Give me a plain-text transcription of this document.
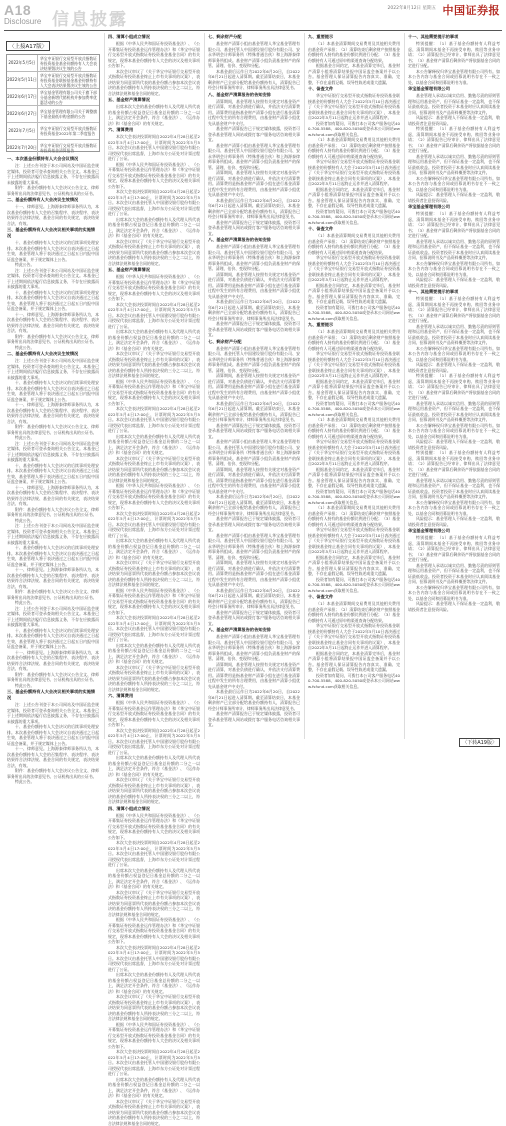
A18
Disclosure 信息披露
2022年8月12日 星期五 中国证券报
〈上接A17版〉
2022年5月5日
华宝中证银行交易型开放式指数证券投资基金基金份额持有人大会表决结果暨决议生效的公告
2022年5月11日
华宝中证银行交易型开放式指数证券投资基金联接基金基金份额持有人大会表决结果暨决议生效的公告
2022年6月17日
华宝基金管理有限公司关于旗下部分基金新增代销机构并参加费率优惠活动的公告
2022年6月27日 华宝基金管理有限公司关于调整旗下基金最低申购金额的公告
2022年7月5日	华宝中证银行交易型开放式指数证券投资基金2022年第二季度报告
2022年7月20日 华宝中证银行交易型开放式指数证券投资基金清算报告
一、本次基金份额持有人大会会议情况

注：上述公告刊登于本公司网站及中国证监会规定媒体，投资者可登录查询相关公告全文。本基金已于上述期间依法履行信息披露义务，不存在应披露而未披露的重大事项。

附件：基金份额持有人大会决议公告全文、律师事务所出具的法律意见书、公证机构出具的公证书。

二、基金份额持有人大会决议生效情况

十一、律师意见。上海源泰律师事务所认为，本次基金份额持有人大会的召集程序、表决程序、表决结果符合法律法规、基金合同的有关规定，表决结果合法、有效。

三、基金份额持有人大会决议相关事项的实施情况

十、基金份额持有人大会决议的后续事项处理安排。本次基金份额持有人大会决议自表决通过之日起生效，基金管理人将于表决通过之日起五日内报中国证监会备案，并于规定媒体上公告。

特此公告。

注：上述公告刊登于本公司网站及中国证监会规定媒体，投资者可登录查询相关公告全文。本基金已于上述期间依法履行信息披露义务，不存在应披露而未披露的重大事项。

十、基金份额持有人大会决议的后续事项处理安排。本次基金份额持有人大会决议自表决通过之日起生效，基金管理人将于表决通过之日起五日内报中国证监会备案，并于规定媒体上公告。

十一、律师意见。上海源泰律师事务所认为，本次基金份额持有人大会的召集程序、表决程序、表决结果符合法律法规、基金合同的有关规定，表决结果合法、有效。

附件：基金份额持有人大会决议公告全文、律师事务所出具的法律意见书、公证机构出具的公证书。

特此公告。

二、基金份额持有人大会决议生效情况

注：上述公告刊登于本公司网站及中国证监会规定媒体，投资者可登录查询相关公告全文。本基金已于上述期间依法履行信息披露义务，不存在应披露而未披露的重大事项。

十、基金份额持有人大会决议的后续事项处理安排。本次基金份额持有人大会决议自表决通过之日起生效，基金管理人将于表决通过之日起五日内报中国证监会备案，并于规定媒体上公告。

十一、律师意见。上海源泰律师事务所认为，本次基金份额持有人大会的召集程序、表决程序、表决结果符合法律法规、基金合同的有关规定，表决结果合法、有效。

附件：基金份额持有人大会决议公告全文、律师事务所出具的法律意见书、公证机构出具的公证书。

特此公告。

注：上述公告刊登于本公司网站及中国证监会规定媒体，投资者可登录查询相关公告全文。本基金已于上述期间依法履行信息披露义务，不存在应披露而未披露的重大事项。

十、基金份额持有人大会决议的后续事项处理安排。本次基金份额持有人大会决议自表决通过之日起生效，基金管理人将于表决通过之日起五日内报中国证监会备案，并于规定媒体上公告。

十一、律师意见。上海源泰律师事务所认为，本次基金份额持有人大会的召集程序、表决程序、表决结果符合法律法规、基金合同的有关规定，表决结果合法、有效。

附件：基金份额持有人大会决议公告全文、律师事务所出具的法律意见书、公证机构出具的公证书。

特此公告。

注：上述公告刊登于本公司网站及中国证监会规定媒体，投资者可登录查询相关公告全文。本基金已于上述期间依法履行信息披露义务，不存在应披露而未披露的重大事项。

十、基金份额持有人大会决议的后续事项处理安排。本次基金份额持有人大会决议自表决通过之日起生效，基金管理人将于表决通过之日起五日内报中国证监会备案，并于规定媒体上公告。

十一、律师意见。上海源泰律师事务所认为，本次基金份额持有人大会的召集程序、表决程序、表决结果符合法律法规、基金合同的有关规定，表决结果合法、有效。

附件：基金份额持有人大会决议公告全文、律师事务所出具的法律意见书、公证机构出具的公证书。

特此公告。

注：上述公告刊登于本公司网站及中国证监会规定媒体，投资者可登录查询相关公告全文。本基金已于上述期间依法履行信息披露义务，不存在应披露而未披露的重大事项。

十、基金份额持有人大会决议的后续事项处理安排。本次基金份额持有人大会决议自表决通过之日起生效，基金管理人将于表决通过之日起五日内报中国证监会备案，并于规定媒体上公告。

十一、律师意见。上海源泰律师事务所认为，本次基金份额持有人大会的召集程序、表决程序、表决结果符合法律法规、基金合同的有关规定，表决结果合法、有效。

附件：基金份额持有人大会决议公告全文、律师事务所出具的法律意见书、公证机构出具的公证书。

特此公告。

三、基金份额持有人大会决议相关事项的实施情况

注：上述公告刊登于本公司网站及中国证监会规定媒体，投资者可登录查询相关公告全文。本基金已于上述期间依法履行信息披露义务，不存在应披露而未披露的重大事项。

十、基金份额持有人大会决议的后续事项处理安排。本次基金份额持有人大会决议自表决通过之日起生效，基金管理人将于表决通过之日起五日内报中国证监会备案，并于规定媒体上公告。

十一、律师意见。上海源泰律师事务所认为，本次基金份额持有人大会的召集程序、表决程序、表决结果符合法律法规、基金合同的有关规定，表决结果合法、有效。

附件：基金份额持有人大会决议公告全文、律师事务所出具的法律意见书、公证机构出具的公证书。

特此公告。

四、清算小组成立情况

根据《中华人民共和国证券投资基金法》、《公开募集证券投资基金运作管理办法》和《华宝中证银行交易型开放式指数证券投资基金基金合同》的有关规定，现将本基金份额持有人大会的决议及相关事项公告如下。

本次会议审议了《关于华宝中证银行交易型开放式指数证券投资基金终止上市有关事项的议案》，表决结果为同意票所代表的基金份额占参加本次会议表决的基金份额持有人所持表决权的三分之二以上，符合法律法规和基金合同的规定。

五、基金财产清算情况

出席本次大会的基金份额持有人及代理人所代表的基金份额占权益登记日基金总份额的二分之一以上，满足法定开会条件，符合《基金法》、《运作办法》和《基金合同》的有关规定。

六、清算费用

本次大会表决投票时间自2022年4月28日起至2022年5月4日17:00止，计票时间为2022年5月5日。本次会议由基金托管人中国建设银行股份有限公司授权代表出席监督，上海市东方公证处对计票过程进行了公证。

根据《中华人民共和国证券投资基金法》、《公开募集证券投资基金运作管理办法》和《华宝中证银行交易型开放式指数证券投资基金基金合同》的有关规定，现将本基金份额持有人大会的决议及相关事项公告如下。

本次大会表决投票时间自2022年4月28日起至2022年5月4日17:00止，计票时间为2022年5月5日。本次会议由基金托管人中国建设银行股份有限公司授权代表出席监督，上海市东方公证处对计票过程进行了公证。

出席本次大会的基金份额持有人及代理人所代表的基金份额占权益登记日基金总份额的二分之一以上，满足法定开会条件，符合《基金法》、《运作办法》和《基金合同》的有关规定。

本次会议审议了《关于华宝中证银行交易型开放式指数证券投资基金终止上市有关事项的议案》，表决结果为同意票所代表的基金份额占参加本次会议表决的基金份额持有人所持表决权的三分之二以上，符合法律法规和基金合同的规定。

五、基金财产清算情况

根据《中华人民共和国证券投资基金法》、《公开募集证券投资基金运作管理办法》和《华宝中证银行交易型开放式指数证券投资基金基金合同》的有关规定，现将本基金份额持有人大会的决议及相关事项公告如下。

本次大会表决投票时间自2022年4月28日起至2022年5月4日17:00止，计票时间为2022年5月5日。本次会议由基金托管人中国建设银行股份有限公司授权代表出席监督，上海市东方公证处对计票过程进行了公证。

出席本次大会的基金份额持有人及代理人所代表的基金份额占权益登记日基金总份额的二分之一以上，满足法定开会条件，符合《基金法》、《运作办法》和《基金合同》的有关规定。

本次会议审议了《关于华宝中证银行交易型开放式指数证券投资基金终止上市有关事项的议案》，表决结果为同意票所代表的基金份额占参加本次会议表决的基金份额持有人所持表决权的三分之二以上，符合法律法规和基金合同的规定。

根据《中华人民共和国证券投资基金法》、《公开募集证券投资基金运作管理办法》和《华宝中证银行交易型开放式指数证券投资基金基金合同》的有关规定，现将本基金份额持有人大会的决议及相关事项公告如下。

本次大会表决投票时间自2022年4月28日起至2022年5月4日17:00止，计票时间为2022年5月5日。本次会议由基金托管人中国建设银行股份有限公司授权代表出席监督，上海市东方公证处对计票过程进行了公证。

出席本次大会的基金份额持有人及代理人所代表的基金份额占权益登记日基金总份额的二分之一以上，满足法定开会条件，符合《基金法》、《运作办法》和《基金合同》的有关规定。

本次会议审议了《关于华宝中证银行交易型开放式指数证券投资基金终止上市有关事项的议案》，表决结果为同意票所代表的基金份额占参加本次会议表决的基金份额持有人所持表决权的三分之二以上，符合法律法规和基金合同的规定。

根据《中华人民共和国证券投资基金法》、《公开募集证券投资基金运作管理办法》和《华宝中证银行交易型开放式指数证券投资基金基金合同》的有关规定，现将本基金份额持有人大会的决议及相关事项公告如下。

本次大会表决投票时间自2022年4月28日起至2022年5月4日17:00止，计票时间为2022年5月5日。本次会议由基金托管人中国建设银行股份有限公司授权代表出席监督，上海市东方公证处对计票过程进行了公证。

出席本次大会的基金份额持有人及代理人所代表的基金份额占权益登记日基金总份额的二分之一以上，满足法定开会条件，符合《基金法》、《运作办法》和《基金合同》的有关规定。

本次会议审议了《关于华宝中证银行交易型开放式指数证券投资基金终止上市有关事项的议案》，表决结果为同意票所代表的基金份额占参加本次会议表决的基金份额持有人所持表决权的三分之二以上，符合法律法规和基金合同的规定。

根据《中华人民共和国证券投资基金法》、《公开募集证券投资基金运作管理办法》和《华宝中证银行交易型开放式指数证券投资基金基金合同》的有关规定，现将本基金份额持有人大会的决议及相关事项公告如下。

本次大会表决投票时间自2022年4月28日起至2022年5月4日17:00止，计票时间为2022年5月5日。本次会议由基金托管人中国建设银行股份有限公司授权代表出席监督，上海市东方公证处对计票过程进行了公证。

出席本次大会的基金份额持有人及代理人所代表的基金份额占权益登记日基金总份额的二分之一以上，满足法定开会条件，符合《基金法》、《运作办法》和《基金合同》的有关规定。

本次会议审议了《关于华宝中证银行交易型开放式指数证券投资基金终止上市有关事项的议案》，表决结果为同意票所代表的基金份额占参加本次会议表决的基金份额持有人所持表决权的三分之二以上，符合法律法规和基金合同的规定。

六、清算费用

根据《中华人民共和国证券投资基金法》、《公开募集证券投资基金运作管理办法》和《华宝中证银行交易型开放式指数证券投资基金基金合同》的有关规定，现将本基金份额持有人大会的决议及相关事项公告如下。

本次大会表决投票时间自2022年4月28日起至2022年5月4日17:00止，计票时间为2022年5月5日。本次会议由基金托管人中国建设银行股份有限公司授权代表出席监督，上海市东方公证处对计票过程进行了公证。

出席本次大会的基金份额持有人及代理人所代表的基金份额占权益登记日基金总份额的二分之一以上，满足法定开会条件，符合《基金法》、《运作办法》和《基金合同》的有关规定。

本次会议审议了《关于华宝中证银行交易型开放式指数证券投资基金终止上市有关事项的议案》，表决结果为同意票所代表的基金份额占参加本次会议表决的基金份额持有人所持表决权的三分之二以上，符合法律法规和基金合同的规定。

四、清算小组成立情况

根据《中华人民共和国证券投资基金法》、《公开募集证券投资基金运作管理办法》和《华宝中证银行交易型开放式指数证券投资基金基金合同》的有关规定，现将本基金份额持有人大会的决议及相关事项公告如下。

本次大会表决投票时间自2022年4月28日起至2022年5月4日17:00止，计票时间为2022年5月5日。本次会议由基金托管人中国建设银行股份有限公司授权代表出席监督，上海市东方公证处对计票过程进行了公证。

出席本次大会的基金份额持有人及代理人所代表的基金份额占权益登记日基金总份额的二分之一以上，满足法定开会条件，符合《基金法》、《运作办法》和《基金合同》的有关规定。

本次会议审议了《关于华宝中证银行交易型开放式指数证券投资基金终止上市有关事项的议案》，表决结果为同意票所代表的基金份额占参加本次会议表决的基金份额持有人所持表决权的三分之二以上，符合法律法规和基金合同的规定。

根据《中华人民共和国证券投资基金法》、《公开募集证券投资基金运作管理办法》和《华宝中证银行交易型开放式指数证券投资基金基金合同》的有关规定，现将本基金份额持有人大会的决议及相关事项公告如下。

本次大会表决投票时间自2022年4月28日起至2022年5月4日17:00止，计票时间为2022年5月5日。本次会议由基金托管人中国建设银行股份有限公司授权代表出席监督，上海市东方公证处对计票过程进行了公证。

出席本次大会的基金份额持有人及代理人所代表的基金份额占权益登记日基金总份额的二分之一以上，满足法定开会条件，符合《基金法》、《运作办法》和《基金合同》的有关规定。

本次会议审议了《关于华宝中证银行交易型开放式指数证券投资基金终止上市有关事项的议案》，表决结果为同意票所代表的基金份额占参加本次会议表决的基金份额持有人所持表决权的三分之二以上，符合法律法规和基金合同的规定。

根据《中华人民共和国证券投资基金法》、《公开募集证券投资基金运作管理办法》和《华宝中证银行交易型开放式指数证券投资基金基金合同》的有关规定，现将本基金份额持有人大会的决议及相关事项公告如下。

本次大会表决投票时间自2022年4月28日起至2022年5月4日17:00止，计票时间为2022年5月5日。本次会议由基金托管人中国建设银行股份有限公司授权代表出席监督，上海市东方公证处对计票过程进行了公证。

出席本次大会的基金份额持有人及代理人所代表的基金份额占权益登记日基金总份额的二分之一以上，满足法定开会条件，符合《基金法》、《运作办法》和《基金合同》的有关规定。

本次会议审议了《关于华宝中证银行交易型开放式指数证券投资基金终止上市有关事项的议案》，表决结果为同意票所代表的基金份额占参加本次会议表决的基金份额持有人所持表决权的三分之二以上，符合法律法规和基金合同的规定。

七、剩余财产分配

基金财产清算小组由基金管理人华宝基金管理有限公司、基金托管人中国建设银行股份有限公司、安永华明会计师事务所（特殊普通合伙）和上海源泰律师事务所组成。基金财产清算小组负责基金财产的保管、清理、估价、变现和分配。

本基金最后运作日为2022年6月20日，自2022年6月21日起进入清算期。截至清算结束日，本基金剩余财产已全部分配给基金份额持有人，清算报告已经会计师事务所审计、律师事务所出具法律意见书。

八、基金财产清算报告的告知安排

清算期间，基金管理人按照有关规定对基金资产进行清算，对基金负债进行确认，并依法支付清算费用。清算费用是指基金财产清算小组在进行基金清算过程中发生的所有合理费用，由基金财产清算小组优先从基金财产中支付。

基金财产清算报告已于规定媒体披露，投资者可登录基金管理人网站或拨打客户服务电话咨询相关事宜。

基金财产清算小组由基金管理人华宝基金管理有限公司、基金托管人中国建设银行股份有限公司、安永华明会计师事务所（特殊普通合伙）和上海源泰律师事务所组成。基金财产清算小组负责基金财产的保管、清理、估价、变现和分配。

清算期间，基金管理人按照有关规定对基金资产进行清算，对基金负债进行确认，并依法支付清算费用。清算费用是指基金财产清算小组在进行基金清算过程中发生的所有合理费用，由基金财产清算小组优先从基金财产中支付。

本基金最后运作日为2022年6月20日，自2022年6月21日起进入清算期。截至清算结束日，本基金剩余财产已全部分配给基金份额持有人，清算报告已经会计师事务所审计、律师事务所出具法律意见书。

基金财产清算报告已于规定媒体披露，投资者可登录基金管理人网站或拨打客户服务电话咨询相关事宜。

八、基金财产清算报告的告知安排

基金财产清算小组由基金管理人华宝基金管理有限公司、基金托管人中国建设银行股份有限公司、安永华明会计师事务所（特殊普通合伙）和上海源泰律师事务所组成。基金财产清算小组负责基金财产的保管、清理、估价、变现和分配。

清算期间，基金管理人按照有关规定对基金资产进行清算，对基金负债进行确认，并依法支付清算费用。清算费用是指基金财产清算小组在进行基金清算过程中发生的所有合理费用，由基金财产清算小组优先从基金财产中支付。

本基金最后运作日为2022年6月20日，自2022年6月21日起进入清算期。截至清算结束日，本基金剩余财产已全部分配给基金份额持有人，清算报告已经会计师事务所审计、律师事务所出具法律意见书。

基金财产清算报告已于规定媒体披露，投资者可登录基金管理人网站或拨打客户服务电话咨询相关事宜。

七、剩余财产分配

基金财产清算小组由基金管理人华宝基金管理有限公司、基金托管人中国建设银行股份有限公司、安永华明会计师事务所（特殊普通合伙）和上海源泰律师事务所组成。基金财产清算小组负责基金财产的保管、清理、估价、变现和分配。

清算期间，基金管理人按照有关规定对基金资产进行清算，对基金负债进行确认，并依法支付清算费用。清算费用是指基金财产清算小组在进行基金清算过程中发生的所有合理费用，由基金财产清算小组优先从基金财产中支付。

本基金最后运作日为2022年6月20日，自2022年6月21日起进入清算期。截至清算结束日，本基金剩余财产已全部分配给基金份额持有人，清算报告已经会计师事务所审计、律师事务所出具法律意见书。

基金财产清算报告已于规定媒体披露，投资者可登录基金管理人网站或拨打客户服务电话咨询相关事宜。

基金财产清算小组由基金管理人华宝基金管理有限公司、基金托管人中国建设银行股份有限公司、安永华明会计师事务所（特殊普通合伙）和上海源泰律师事务所组成。基金财产清算小组负责基金财产的保管、清理、估价、变现和分配。

清算期间，基金管理人按照有关规定对基金资产进行清算，对基金负债进行确认，并依法支付清算费用。清算费用是指基金财产清算小组在进行基金清算过程中发生的所有合理费用，由基金财产清算小组优先从基金财产中支付。

本基金最后运作日为2022年6月20日，自2022年6月21日起进入清算期。截至清算结束日，本基金剩余财产已全部分配给基金份额持有人，清算报告已经会计师事务所审计、律师事务所出具法律意见书。

基金财产清算报告已于规定媒体披露，投资者可登录基金管理人网站或拨打客户服务电话咨询相关事宜。

基金财产清算小组由基金管理人华宝基金管理有限公司、基金托管人中国建设银行股份有限公司、安永华明会计师事务所（特殊普通合伙）和上海源泰律师事务所组成。基金财产清算小组负责基金财产的保管、清理、估价、变现和分配。

清算期间，基金管理人按照有关规定对基金资产进行清算，对基金负债进行确认，并依法支付清算费用。清算费用是指基金财产清算小组在进行基金清算过程中发生的所有合理费用，由基金财产清算小组优先从基金财产中支付。

本基金最后运作日为2022年6月20日，自2022年6月21日起进入清算期。截至清算结束日，本基金剩余财产已全部分配给基金份额持有人，清算报告已经会计师事务所审计、律师事务所出具法律意见书。

基金财产清算报告已于规定媒体披露，投资者可登录基金管理人网站或拨打客户服务电话咨询相关事宜。

八、基金财产清算报告的告知安排

基金财产清算小组由基金管理人华宝基金管理有限公司、基金托管人中国建设银行股份有限公司、安永华明会计师事务所（特殊普通合伙）和上海源泰律师事务所组成。基金财产清算小组负责基金财产的保管、清理、估价、变现和分配。

清算期间，基金管理人按照有关规定对基金资产进行清算，对基金负债进行确认，并依法支付清算费用。清算费用是指基金财产清算小组在进行基金清算过程中发生的所有合理费用，由基金财产清算小组优先从基金财产中支付。

本基金最后运作日为2022年6月20日，自2022年6月21日起进入清算期。截至清算结束日，本基金剩余财产已全部分配给基金份额持有人，清算报告已经会计师事务所审计、律师事务所出具法律意见书。

基金财产清算报告已于规定媒体披露，投资者可登录基金管理人网站或拨打客户服务电话咨询相关事宜。

九、重要提示

（1）本基金清算期间交易费用及其他相关费用由基金资产承担；（2）清算结束后剩余财产按照基金份额持有人持有的基金份额比例进行分配；（3）基金份额持有人可通过原申购渠道查询分配结果。

根据基金合同约定，本基金清算完毕后，基金财产清算小组将清算结果报中国证监会备案并予以公告。基金管理人保证清算报告内容真实、准确、完整，不存在虚假记载、误导性陈述或重大遗漏。

十、备查文件

华宝中证银行交易型开放式指数证券投资基金联接基金的份额持有人大会于2022年5月10日表决通过了《关于华宝中证银行交易型开放式指数证券投资基金联接基金终止基金合同有关事项的议案》，本基金自2022年5月11日起终止运作并进入清算程序。

投资者如有疑问，可拨打本公司客户服务电话400-700-5588、400-820-5050或登录本公司网站www.fsfund.com获取相关信息。

（1）本基金清算期间交易费用及其他相关费用由基金资产承担；（2）清算结束后剩余财产按照基金份额持有人持有的基金份额比例进行分配；（3）基金份额持有人可通过原申购渠道查询分配结果。

华宝中证银行交易型开放式指数证券投资基金联接基金的份额持有人大会于2022年5月10日表决通过了《关于华宝中证银行交易型开放式指数证券投资基金联接基金终止基金合同有关事项的议案》，本基金自2022年5月11日起终止运作并进入清算程序。

根据基金合同约定，本基金清算完毕后，基金财产清算小组将清算结果报中国证监会备案并予以公告。基金管理人保证清算报告内容真实、准确、完整，不存在虚假记载、误导性陈述或重大遗漏。

投资者如有疑问，可拨打本公司客户服务电话400-700-5588、400-820-5050或登录本公司网站www.fsfund.com获取相关信息。

十、备查文件

（1）本基金清算期间交易费用及其他相关费用由基金资产承担；（2）清算结束后剩余财产按照基金份额持有人持有的基金份额比例进行分配；（3）基金份额持有人可通过原申购渠道查询分配结果。

华宝中证银行交易型开放式指数证券投资基金联接基金的份额持有人大会于2022年5月10日表决通过了《关于华宝中证银行交易型开放式指数证券投资基金联接基金终止基金合同有关事项的议案》，本基金自2022年5月11日起终止运作并进入清算程序。

根据基金合同约定，本基金清算完毕后，基金财产清算小组将清算结果报中国证监会备案并予以公告。基金管理人保证清算报告内容真实、准确、完整，不存在虚假记载、误导性陈述或重大遗漏。

投资者如有疑问，可拨打本公司客户服务电话400-700-5588、400-820-5050或登录本公司网站www.fsfund.com获取相关信息。

九、重要提示

（1）本基金清算期间交易费用及其他相关费用由基金资产承担；（2）清算结束后剩余财产按照基金份额持有人持有的基金份额比例进行分配；（3）基金份额持有人可通过原申购渠道查询分配结果。

华宝中证银行交易型开放式指数证券投资基金联接基金的份额持有人大会于2022年5月10日表决通过了《关于华宝中证银行交易型开放式指数证券投资基金联接基金终止基金合同有关事项的议案》，本基金自2022年5月11日起终止运作并进入清算程序。

根据基金合同约定，本基金清算完毕后，基金财产清算小组将清算结果报中国证监会备案并予以公告。基金管理人保证清算报告内容真实、准确、完整，不存在虚假记载、误导性陈述或重大遗漏。

投资者如有疑问，可拨打本公司客户服务电话400-700-5588、400-820-5050或登录本公司网站www.fsfund.com获取相关信息。

（1）本基金清算期间交易费用及其他相关费用由基金资产承担；（2）清算结束后剩余财产按照基金份额持有人持有的基金份额比例进行分配；（3）基金份额持有人可通过原申购渠道查询分配结果。

华宝中证银行交易型开放式指数证券投资基金联接基金的份额持有人大会于2022年5月10日表决通过了《关于华宝中证银行交易型开放式指数证券投资基金联接基金终止基金合同有关事项的议案》，本基金自2022年5月11日起终止运作并进入清算程序。

根据基金合同约定，本基金清算完毕后，基金财产清算小组将清算结果报中国证监会备案并予以公告。基金管理人保证清算报告内容真实、准确、完整，不存在虚假记载、误导性陈述或重大遗漏。

投资者如有疑问，可拨打本公司客户服务电话400-700-5588、400-820-5050或登录本公司网站www.fsfund.com获取相关信息。

（1）本基金清算期间交易费用及其他相关费用由基金资产承担；（2）清算结束后剩余财产按照基金份额持有人持有的基金份额比例进行分配；（3）基金份额持有人可通过原申购渠道查询分配结果。

华宝中证银行交易型开放式指数证券投资基金联接基金的份额持有人大会于2022年5月10日表决通过了《关于华宝中证银行交易型开放式指数证券投资基金联接基金终止基金合同有关事项的议案》，本基金自2022年5月11日起终止运作并进入清算程序。

根据基金合同约定，本基金清算完毕后，基金财产清算小组将清算结果报中国证监会备案并予以公告。基金管理人保证清算报告内容真实、准确、完整，不存在虚假记载、误导性陈述或重大遗漏。

投资者如有疑问，可拨打本公司客户服务电话400-700-5588、400-820-5050或登录本公司网站www.fsfund.com获取相关信息。

十、备查文件

（1）本基金清算期间交易费用及其他相关费用由基金资产承担；（2）清算结束后剩余财产按照基金份额持有人持有的基金份额比例进行分配；（3）基金份额持有人可通过原申购渠道查询分配结果。

华宝中证银行交易型开放式指数证券投资基金联接基金的份额持有人大会于2022年5月10日表决通过了《关于华宝中证银行交易型开放式指数证券投资基金联接基金终止基金合同有关事项的议案》，本基金自2022年5月11日起终止运作并进入清算程序。

根据基金合同约定，本基金清算完毕后，基金财产清算小组将清算结果报中国证监会备案并予以公告。基金管理人保证清算报告内容真实、准确、完整，不存在虚假记载、误导性陈述或重大遗漏。

投资者如有疑问，可拨打本公司客户服务电话400-700-5588、400-820-5050或登录本公司网站www.fsfund.com获取相关信息。

十一、其他需要提示的事项

特别提醒：（1）基于基金份额持有人利益考虑，清算期间本基金不再接受申购、赎回等业务申请；（2）清算报告已经审计，律师出具了法律意见书；（3）基金财产清算后剩余资产将依据基金合同约定进行分配。

本公告解释权归华宝基金管理有限公司所有。如本公告内容与基金合同或招募说明书存在不一致之处，以基金合同和招募说明书为准。

华宝基金管理有限公司

基金管理人承诺以诚实信用、勤勉尽责的原则管理和运用基金资产，但不保证基金一定盈利，也不保证最低收益。投资者投资于本基金时应认真阅读基金合同、招募说明书及产品资料概要等法律文件。

风险提示：基金管理人不保证基金一定盈利，敬请投资者注意投资风险。

特别提醒：（1）基于基金份额持有人利益考虑，清算期间本基金不再接受申购、赎回等业务申请；（2）清算报告已经审计，律师出具了法律意见书；（3）基金财产清算后剩余资产将依据基金合同约定进行分配。

基金管理人承诺以诚实信用、勤勉尽责的原则管理和运用基金资产，但不保证基金一定盈利，也不保证最低收益。投资者投资于本基金时应认真阅读基金合同、招募说明书及产品资料概要等法律文件。

本公告解释权归华宝基金管理有限公司所有。如本公告内容与基金合同或招募说明书存在不一致之处，以基金合同和招募说明书为准。

风险提示：基金管理人不保证基金一定盈利，敬请投资者注意投资风险。

华宝基金管理有限公司

特别提醒：（1）基于基金份额持有人利益考虑，清算期间本基金不再接受申购、赎回等业务申请；（2）清算报告已经审计，律师出具了法律意见书；（3）基金财产清算后剩余资产将依据基金合同约定进行分配。

基金管理人承诺以诚实信用、勤勉尽责的原则管理和运用基金资产，但不保证基金一定盈利，也不保证最低收益。投资者投资于本基金时应认真阅读基金合同、招募说明书及产品资料概要等法律文件。

本公告解释权归华宝基金管理有限公司所有。如本公告内容与基金合同或招募说明书存在不一致之处，以基金合同和招募说明书为准。

风险提示：基金管理人不保证基金一定盈利，敬请投资者注意投资风险。

十一、其他需要提示的事项

特别提醒：（1）基于基金份额持有人利益考虑，清算期间本基金不再接受申购、赎回等业务申请；（2）清算报告已经审计，律师出具了法律意见书；（3）基金财产清算后剩余资产将依据基金合同约定进行分配。

基金管理人承诺以诚实信用、勤勉尽责的原则管理和运用基金资产，但不保证基金一定盈利，也不保证最低收益。投资者投资于本基金时应认真阅读基金合同、招募说明书及产品资料概要等法律文件。

本公告解释权归华宝基金管理有限公司所有。如本公告内容与基金合同或招募说明书存在不一致之处，以基金合同和招募说明书为准。

风险提示：基金管理人不保证基金一定盈利，敬请投资者注意投资风险。

特别提醒：（1）基于基金份额持有人利益考虑，清算期间本基金不再接受申购、赎回等业务申请；（2）清算报告已经审计，律师出具了法律意见书；（3）基金财产清算后剩余资产将依据基金合同约定进行分配。

基金管理人承诺以诚实信用、勤勉尽责的原则管理和运用基金资产，但不保证基金一定盈利，也不保证最低收益。投资者投资于本基金时应认真阅读基金合同、招募说明书及产品资料概要等法律文件。

本公告解释权归华宝基金管理有限公司所有。如本公告内容与基金合同或招募说明书存在不一致之处，以基金合同和招募说明书为准。

风险提示：基金管理人不保证基金一定盈利，敬请投资者注意投资风险。

特别提醒：（1）基于基金份额持有人利益考虑，清算期间本基金不再接受申购、赎回等业务申请；（2）清算报告已经审计，律师出具了法律意见书；（3）基金财产清算后剩余资产将依据基金合同约定进行分配。

基金管理人承诺以诚实信用、勤勉尽责的原则管理和运用基金资产，但不保证基金一定盈利，也不保证最低收益。投资者投资于本基金时应认真阅读基金合同、招募说明书及产品资料概要等法律文件。

本公告解释权归华宝基金管理有限公司所有。如本公告内容与基金合同或招募说明书存在不一致之处，以基金合同和招募说明书为准。

风险提示：基金管理人不保证基金一定盈利，敬请投资者注意投资风险。

华宝基金管理有限公司

特别提醒：（1）基于基金份额持有人利益考虑，清算期间本基金不再接受申购、赎回等业务申请；（2）清算报告已经审计，律师出具了法律意见书；（3）基金财产清算后剩余资产将依据基金合同约定进行分配。

基金管理人承诺以诚实信用、勤勉尽责的原则管理和运用基金资产，但不保证基金一定盈利，也不保证最低收益。投资者投资于本基金时应认真阅读基金合同、招募说明书及产品资料概要等法律文件。

本公告解释权归华宝基金管理有限公司所有。如本公告内容与基金合同或招募说明书存在不一致之处，以基金合同和招募说明书为准。

风险提示：基金管理人不保证基金一定盈利，敬请投资者注意投资风险。

〈下转A19版〉
